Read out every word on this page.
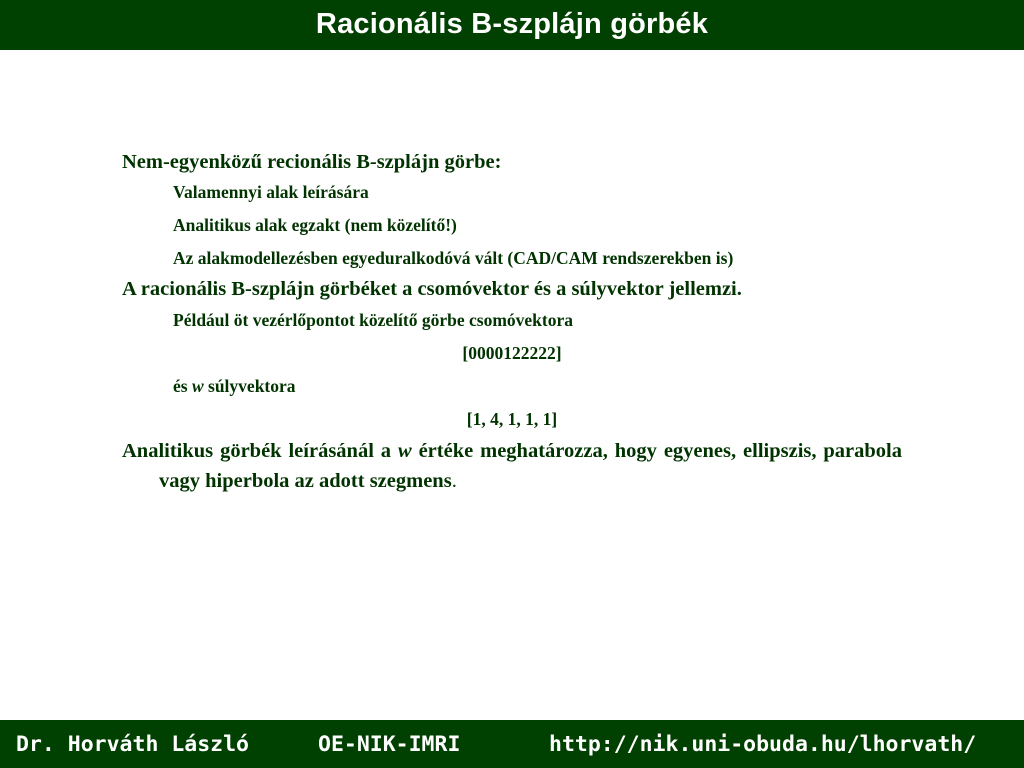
Racionális B-szplájn görbék
Nem-egyenközű recionális B-szplájn görbe:
Valamennyi alak leírására
Analitikus alak egzakt (nem közelítő!)
Az alakmodellezésben egyeduralkodóvá vált (CAD/CAM rendszerekben is)
A racionális B-szplájn görbéket a csomóvektor és a súlyvektor jellemzi.
Például öt vezérlőpontot közelítő görbe csomóvektora
[0000122222]
és w súlyvektora
[1, 4, 1, 1, 1]
Analitikus görbék leírásánál a w értéke meghatározza, hogy egyenes, ellipszis, parabola vagy hiperbola az adott szegmens.
Dr. Horváth László	OE-NIK-IMRI	http://nik.uni-obuda.hu/lhorvath/
